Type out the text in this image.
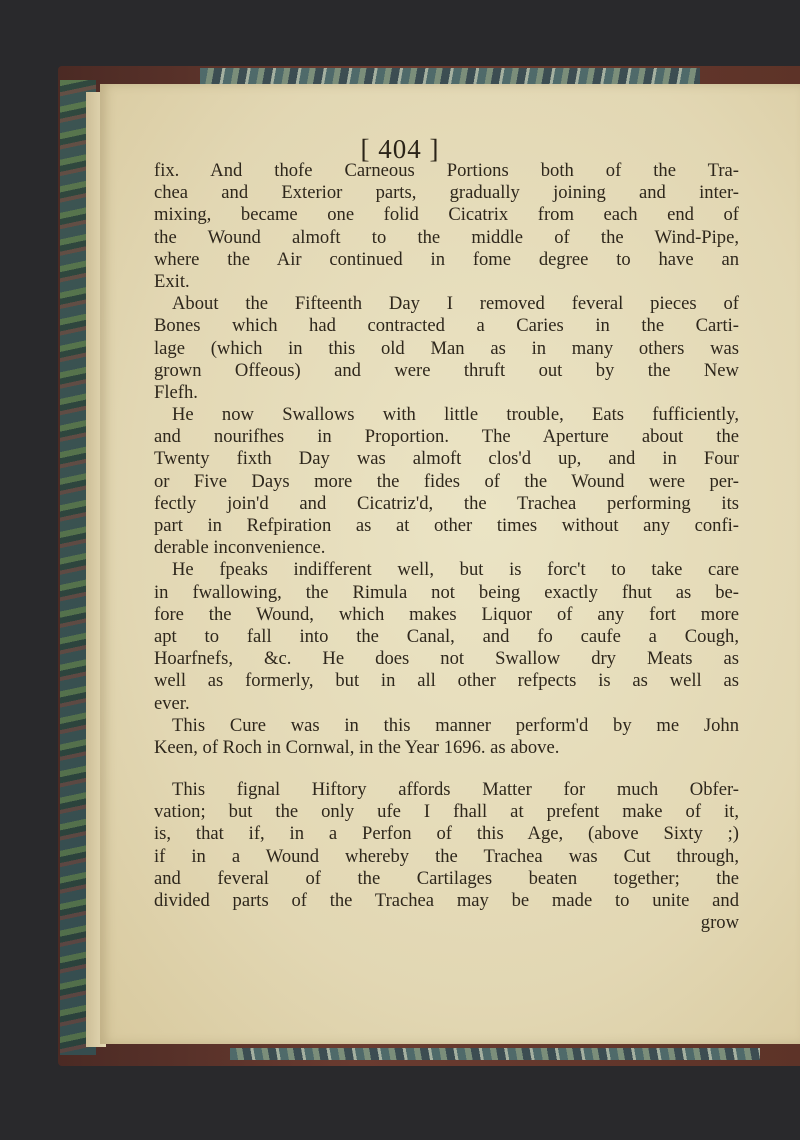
[ 404 ]
fix. And thofe Carneous Portions both of the Tra-
chea and Exterior parts, gradually joining and inter-
mixing, became one folid Cicatrix from each end of
the Wound almoft to the middle of the Wind-Pipe,
where the Air continued in fome degree to have an
Exit.
About the Fifteenth Day I removed feveral pieces of
Bones which had contracted a Caries in the Carti-
lage (which in this old Man as in many others was
grown Offeous) and were thruft out by the New
Flefh.
He now Swallows with little trouble, Eats fufficiently,
and nourifhes in Proportion. The Aperture about the
Twenty fixth Day was almoft clos'd up, and in Four
or Five Days more the fides of the Wound were per-
fectly join'd and Cicatriz'd, the Trachea performing its
part in Refpiration as at other times without any confi-
derable inconvenience.
He fpeaks indifferent well, but is forc't to take care
in fwallowing, the Rimula not being exactly fhut as be-
fore the Wound, which makes Liquor of any fort more
apt to fall into the Canal, and fo caufe a Cough,
Hoarfnefs, &c. He does not Swallow dry Meats as
well as formerly, but in all other refpects is as well as
ever.
This Cure was in this manner perform'd by me John
Keen, of Roch in Cornwal, in the Year 1696. as above.
This fignal Hiftory affords Matter for much Obfer-
vation; but the only ufe I fhall at prefent make of it,
is, that if, in a Perfon of this Age, (above Sixty ;)
if in a Wound whereby the Trachea was Cut through,
and feveral of the Cartilages beaten together; the
divided parts of the Trachea may be made to unite and
grow
